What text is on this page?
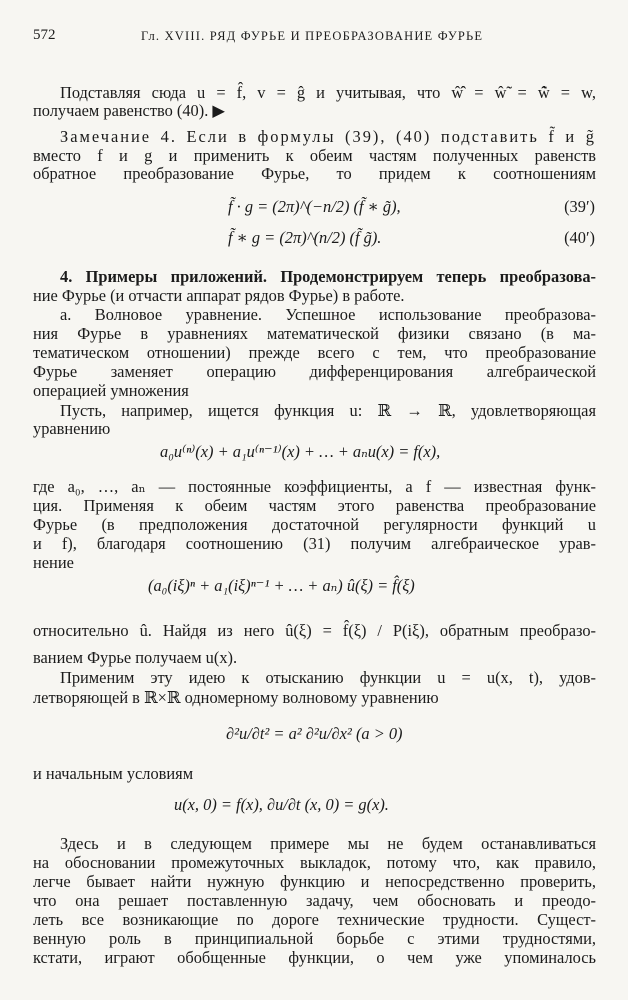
572	Гл. XVIII. РЯД ФУРЬЕ И ПРЕОБРАЗОВАНИЕ ФУРЬЕ
Подставляя сюда u = f̂, v = ĝ и учитывая, что ŵ̂̂ = ŵ̃̃ = w̃̂ = w,
получаем равенство (40). ▶
Замечание 4. Если в формулы (39), (40) подставить f̃ и g̃
вместо f и g и применить к обеим частям полученных равенств
обратное преобразование Фурье, то придем к соотношениям
f̃ · g = (2π)^(−n/2) (f̃ ∗ g̃),	(39′)
f̃ ∗ g = (2π)^(n/2) (f̃ g̃).	(40′)
4. Примеры приложений. Продемонстрируем теперь преобразова-
ние Фурье (и отчасти аппарат рядов Фурье) в работе.
а. Волновое уравнение. Успешное использование преобразова-
ния Фурье в уравнениях математической физики связано (в ма-
тематическом отношении) прежде всего с тем, что преобразование
Фурье заменяет операцию дифференцирования алгебраической
операцией умножения
Пусть, например, ищется функция u: ℝ → ℝ, удовлетворяющая
уравнению
a₀u⁽ⁿ⁾(x) + a₁u⁽ⁿ⁻¹⁾(x) + … + aₙu(x) = f(x),
где a₀, …, aₙ — постоянные коэффициенты, а f — известная функ-
ция. Применяя к обеим частям этого равенства преобразование
Фурье (в предположения достаточной регулярности функций u
и f), благодаря соотношению (31) получим алгебраическое урав-
нение
(a₀(iξ)ⁿ + a₁(iξ)ⁿ⁻¹ + … + aₙ) û(ξ) = f̂(ξ)
относительно û. Найдя из него û(ξ) = f̂(ξ) / P(iξ), обратным преобразо-
ванием Фурье получаем u(x).
Применим эту идею к отысканию функции u = u(x, t), удов-
летворяющей в ℝ×ℝ одномерному волновому уравнению
∂²u/∂t² = a² ∂²u/∂x² (a > 0)
и начальным условиям
u(x, 0) = f(x), ∂u/∂t (x, 0) = g(x).
Здесь и в следующем примере мы не будем останавливаться
на обосновании промежуточных выкладок, потому что, как правило,
легче бывает найти нужную функцию и непосредственно проверить,
что она решает поставленную задачу, чем обосновать и преодо-
леть все возникающие по дороге технические трудности. Сущест-
венную роль в принципиальной борьбе с этими трудностями,
кстати, играют обобщенные функции, о чем уже упоминалось
